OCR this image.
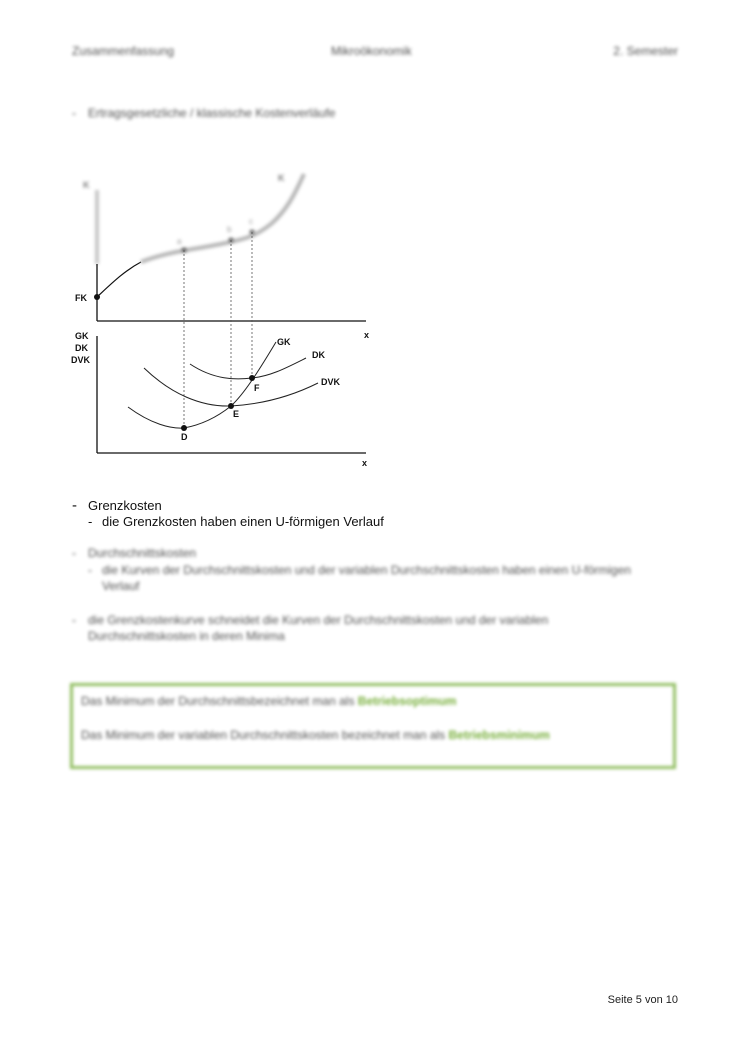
Zusammenfassung	Mikroökonomik	2. Semester
- Ertragsgesetzliche / klassische Kostenverläufe
K
K
FK
x
a
b
c
GK
DK
DVK
x
D
E
F
GK
DK
DVK
- Grenzkosten
- die Grenzkosten haben einen U-förmigen Verlauf
- Durchschnittskosten
- die Kurven der Durchschnittskosten und der variablen Durchschnittskosten haben einen U-förmigen Verlauf
- die Grenzkostenkurve schneidet die Kurven der Durchschnittskosten und der variablen Durchschnittskosten in deren Minima
Das Minimum der Durchschnittsbezeichnet man als Betriebsoptimum
Das Minimum der variablen Durchschnittskosten bezeichnet man als Betriebsminimum
Seite 5 von 10
